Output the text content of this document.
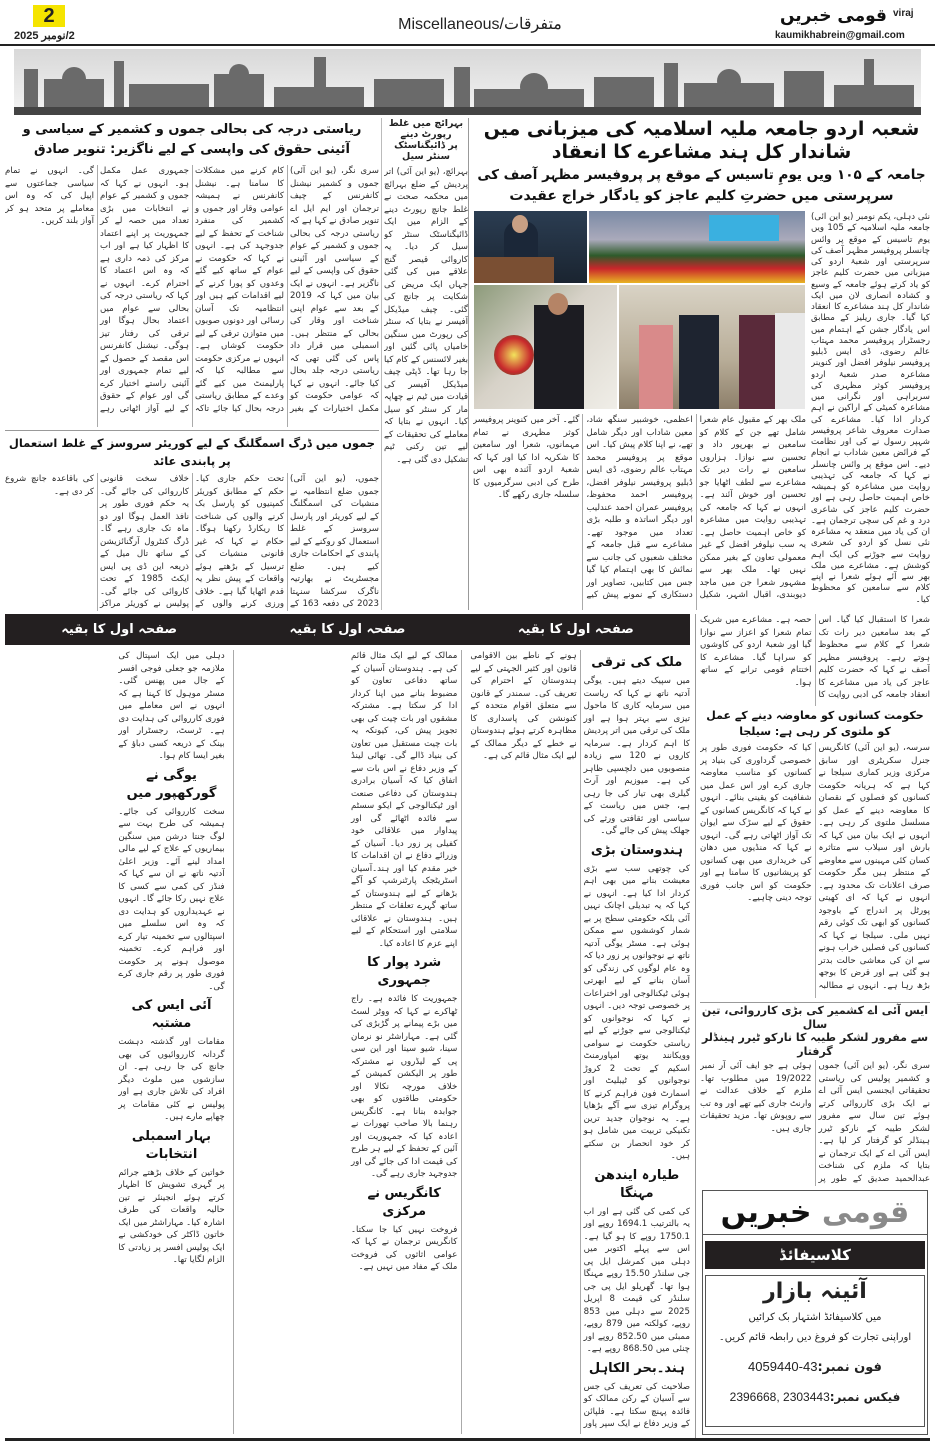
2
2/نومبر 2025
Miscellaneous/متفرقات	قومی خبریں viraj
kaumikhabrein@gmail.com
شعبہ اردو جامعہ ملیہ اسلامیہ کی میزبانی میں شاندار کل ہند مشاعرے کا انعقاد
جامعہ کے ۱۰۵ ویں یومِ تاسیس کے موقع پر پروفیسر مظہر آصف کی
سرپرستی میں حضرتِ کلیم عاجز کو یادگار خراج عقیدت
نئی دہلی، یکم نومبر (یو این آئی) جامعہ ملیہ اسلامیہ کے 105 ویں یوم تاسیس کے موقع پر وائس چانسلر پروفیسر مظہر آصف کی سرپرستی اور شعبۂ اردو کی میزبانی میں حضرت کلیم عاجز کو یاد کرتے ہوئے جامعہ کے وسیع و کشادہ انصاری لان میں ایک شاندار کل ہند مشاعرے کا انعقاد کیا گیا۔ جاری ریلیز کے مطابق اس یادگار جشن کے اہتمام میں رجسٹرار پروفیسر محمد مہتاب عالم رضوی، ڈی ایس ڈبلیو پروفیسر نیلوفر افضل اور کنوینر مشاعرہ صدر شعبۂ اردو پروفیسر کوثر مظہری کی سربراہی اور نگرانی میں مشاعرہ کمیٹی کے اراکین نے اہم کردار ادا کیا۔ مشاعرے کی صدارت معروف شاعر پروفیسر شہپر رسول نے کی اور نظامت کے فرائض معین شاداب نے انجام دیے۔ اس موقع پر وائس چانسلر نے کہا کہ جامعہ کی تہذیبی روایت میں مشاعرہ کو ہمیشہ خاص اہمیت حاصل رہی ہے اور حضرت کلیم عاجز کی شاعری درد و غم کی سچی ترجمان ہے۔ ان کی یاد میں منعقد یہ مشاعرہ نئی نسل کو اردو کی شعری روایت سے جوڑنے کی ایک اہم کوشش ہے۔ مشاعرے میں ملک بھر سے آئے ہوئے شعرا نے اپنے کلام سے سامعین کو محظوظ کیا۔
ملک بھر کے مقبول عام شعرا شامل تھے جن کے کلام کو سامعین نے بھرپور داد و تحسین سے نوازا۔ ہزاروں سامعین نے رات دیر تک مشاعرے سے لطف اٹھایا جو تحسین اور خوش آئند ہے۔ انہوں نے کہا کہ جامعہ کی تہذیبی روایت میں مشاعرہ کو خاص اہمیت حاصل ہے۔ یہ سب نیلوفر افضل کے غیر معمولی تعاون کے بغیر ممکن نہیں تھا۔ ملک بھر سے مشہور شعرا جن میں ماجد دیوبندی، اقبال اشہر، شکیل اعظمی، خوشبیر سنگھ شاد، معین شاداب اور دیگر شامل تھے، نے اپنا کلام پیش کیا۔ اس موقع پر پروفیسر محمد مہتاب عالم رضوی، ڈی ایس ڈبلیو پروفیسر نیلوفر افضل، پروفیسر احمد محفوظ، پروفیسر عمران احمد عندلیب اور دیگر اساتذہ و طلبہ بڑی تعداد میں موجود تھے۔ مشاعرے سے قبل جامعہ کے مختلف شعبوں کی جانب سے نمائش کا بھی اہتمام کیا گیا جس میں کتابیں، تصاویر اور دستکاری کے نمونے پیش کیے گئے۔ آخر میں کنوینر پروفیسر کوثر مظہری نے تمام مہمانوں، شعرا اور سامعین کا شکریہ ادا کیا اور کہا کہ شعبۂ اردو آئندہ بھی اس طرح کی ادبی سرگرمیوں کا سلسلہ جاری رکھے گا۔
شعرا کا استقبال کیا گیا۔ اس کے بعد سامعین دیر رات تک شعرا کے کلام سے محظوظ ہوتے رہے۔ پروفیسر مظہر آصف نے کہا کہ حضرت کلیم عاجز کی یاد میں مشاعرے کا انعقاد جامعہ کی ادبی روایت کا حصہ ہے۔ مشاعرے میں شریک تمام شعرا کو اعزاز سے نوازا گیا اور شعبۂ اردو کی کاوشوں کو سراہا گیا۔ مشاعرے کا اختتام قومی ترانے کے ساتھ ہوا۔
بہرائچ میں غلط رپورٹ دینے
پر ڈائیگناسٹک سنٹر سیل
بہرائچ، (یو این آئی) اتر پردیش کے ضلع بہرائچ میں محکمہ صحت نے غلط جانچ رپورٹ دینے کے الزام میں ایک ڈائیگناسٹک سنٹر کو سیل کر دیا۔ یہ کاروائی قیصر گنج علاقے میں کی گئی جہاں ایک مریض کی شکایت پر جانچ کی گئی۔ چیف میڈیکل آفیسر نے بتایا کہ سنٹر کی رپورٹ میں سنگین خامیاں پائی گئیں اور بغیر لائسنس کے کام کیا جا رہا تھا۔ ڈپٹی چیف میڈیکل آفیسر کی قیادت میں ٹیم نے چھاپہ مار کر سنٹر کو سیل کیا۔ انہوں نے بتایا کہ معاملے کی تحقیقات کے لیے تین رکنی ٹیم تشکیل دی گئی ہے۔
ریاستی درجہ کی بحالی جموں و کشمیر کے سیاسی و آئینی حقوق کی واپسی کے لیے ناگزیر: تنویر صادق
سری نگر، (یو این آئی) جموں و کشمیر نیشنل کانفرنس کے چیف ترجمان اور ایم ایل اے تنویر صادق نے کہا ہے کہ ریاستی درجہ کی بحالی جموں و کشمیر کے عوام کے سیاسی اور آئینی حقوق کی واپسی کے لیے ناگزیر ہے۔ انہوں نے ایک بیان میں کہا کہ 2019 کے بعد سے عوام اپنی شناخت اور وقار کی بحالی کے منتظر ہیں۔ اسمبلی میں قرار داد پاس کی گئی تھی کہ ریاستی درجہ جلد بحال کیا جائے۔ انہوں نے کہا کہ عوامی حکومت کو مکمل اختیارات کے بغیر کام کرنے میں مشکلات کا سامنا ہے۔ نیشنل کانفرنس نے ہمیشہ عوامی وقار اور جموں و کشمیر کی منفرد شناخت کے تحفظ کے لیے جدوجہد کی ہے۔ انہوں نے کہا کہ حکومت نے عوام کے ساتھ کیے گئے وعدوں کو پورا کرنے کے لیے اقدامات کیے ہیں اور انتظامیہ تک آسان رسائی اور دونوں صوبوں میں متوازن ترقی کے لیے حکومت کوشاں ہے۔ انہوں نے مرکزی حکومت سے مطالبہ کیا کہ پارلیمنٹ میں کیے گئے وعدے کے مطابق ریاستی درجہ بحال کیا جائے تاکہ جمہوری عمل مکمل ہو۔ انہوں نے کہا کہ جموں و کشمیر کے عوام نے انتخابات میں بڑی تعداد میں حصہ لے کر جمہوریت پر اپنے اعتماد کا اظہار کیا ہے اور اب مرکز کی ذمہ داری ہے کہ وہ اس اعتماد کا احترام کرے۔ انہوں نے کہا کہ ریاستی درجہ کی بحالی سے عوام میں اعتماد بحال ہوگا اور ترقی کی رفتار تیز ہوگی۔ نیشنل کانفرنس اس مقصد کے حصول کے لیے تمام جمہوری اور آئینی راستے اختیار کرے گی اور عوام کے حقوق کے لیے آواز اٹھاتی رہے گی۔ انہوں نے تمام سیاسی جماعتوں سے اپیل کی کہ وہ اس معاملے پر متحد ہو کر آواز بلند کریں۔
جموں میں ڈرگ اسمگلنگ کے لیے کوریئر سروسز کے غلط استعمال پر پابندی عائد
جموں، (یو این آئی) جموں ضلع انتظامیہ نے منشیات کی اسمگلنگ کے لیے کوریئر اور پارسل سروسز کے غلط استعمال کو روکنے کے لیے پابندی کے احکامات جاری کیے ہیں۔ ضلع مجسٹریٹ نے بھارتیہ ناگرک سرکشا سنہتا 2023 کی دفعہ 163 کے تحت حکم جاری کیا۔ حکم کے مطابق کوریئر کمپنیوں کو پارسل بک کرنے والوں کی شناخت کا ریکارڈ رکھنا ہوگا۔ حکام نے کہا کہ غیر قانونی منشیات کی ترسیل کے بڑھتے ہوئے واقعات کے پیش نظر یہ قدم اٹھایا گیا ہے۔ خلاف ورزی کرنے والوں کے خلاف سخت قانونی کارروائی کی جائے گی۔ یہ حکم فوری طور پر نافذ العمل ہوگا اور دو ماہ تک جاری رہے گا۔ ڈرگ کنٹرول آرگنائزیشن کے ساتھ تال میل کے ذریعہ این ڈی پی ایس ایکٹ 1985 کے تحت کاروائی کی جائے گی۔ پولیس نے کوریئر مراکز کی باقاعدہ جانچ شروع کر دی ہے۔
صفحہ اول کا بقیہ
صفحہ اول کا بقیہ
صفحہ اول کا بقیہ
ملک کی ترقی

میں سپیک دیتے ہیں۔ یوگی آدتیہ ناتھ نے کہا کہ ریاست میں سرمایہ کاری کا ماحول تیزی سے بہتر ہوا ہے اور ملک کی ترقی میں اتر پردیش کا اہم کردار ہے۔ سرمایہ کاروں نے 120 سے زیادہ منصوبوں میں دلچسپی ظاہر کی ہے۔ میوزیم اور آرٹ گیلری بھی تیار کی جا رہی ہے، جس میں ریاست کے سیاسی اور ثقافتی ورثے کی جھلک پیش کی جائے گی۔

ہندوستان بڑی

کی چوتھی سب سے بڑی معیشت بنانے میں بھی اہم کردار ادا کیا ہے۔ انہوں نے کہا کہ یہ تبدیلی اچانک نہیں آئی بلکہ حکومتی سطح پر بے شمار کوششوں سے ممکن ہوئی ہے۔ مسٹر یوگی آدتیہ ناتھ نے نوجوانوں پر زور دیا کہ وہ عام لوگوں کی زندگی کو آسان بنانے کے لیے ابھرتی ہوئی ٹیکنالوجی اور اختراعات پر خصوصی توجہ دیں۔ انہوں نے کہا کہ نوجوانوں کو ٹیکنالوجی سے جوڑنے کے لیے ریاستی حکومت نے سوامی وویکانند یوتھ امپاورمنٹ اسکیم کے تحت 2 کروڑ نوجوانوں کو ٹیبلیٹ اور اسمارٹ فون فراہم کرنے کا پروگرام تیزی سے آگے بڑھایا ہے۔ یہ نوجوان جدید ترین تکنیکی تربیت میں شامل ہو کر خود انحصار بن سکتے ہیں۔

طیارہ ایندھن مہنگا

کی کمی کی گئی ہے اور اب یہ بالترتیب 1694.1 روپے اور 1750.1 روپے کا ہو گیا ہے۔ اس سے پہلے اکتوبر میں دہلی میں کمرشل ایل پی جی سلنڈر 15.50 روپے مہنگا ہوا تھا۔ گھریلو ایل پی جی سلنڈر کی قیمت 8 اپریل 2025 سے دہلی میں 853 روپے، کولکتہ میں 879 روپے، ممبئی میں 852.50 روپے اور چنئی میں 868.50 روپے ہے۔

ہند۔بحر الکاہل

صلاحیت کی تعریف کی جس سے آسیان کے رکن ممالک کو فائدہ پہنچ سکتا ہے۔ فلپائن کے وزیر دفاع نے ایک سپر پاور ہونے کے ناطے بین الاقوامی قانون اور کثیر الجہتی کے لیے ہندوستان کے احترام کی تعریف کی۔ سمندر کے قانون سے متعلق اقوام متحدہ کے کنونشن کی پاسداری کا مظاہرہ کرتے ہوئے ہندوستان نے خطے کے دیگر ممالک کے لیے ایک مثال قائم کی ہے۔

ممالک کے لیے ایک مثال قائم کی ہے۔ ہندوستان آسیان کے ساتھ دفاعی تعاون کو مضبوط بنانے میں اپنا کردار ادا کر سکتا ہے۔ مشترکہ مشقوں اور بات چیت کی بھی تجویز پیش کی، کیونکہ یہ بات چیت مستقبل میں تعاون کی بنیاد ڈالے گی۔ تھائی لینڈ کے وزیر دفاع نے اس بات سے اتفاق کیا کہ آسیان برادری ہندوستان کی دفاعی صنعت اور ٹیکنالوجی کے ایکو سسٹم سے فائدہ اٹھائے گی اور پیداوار میں علاقائی خود کفیلی پر زور دیا۔ آسیان کے وزرائے دفاع نے ان اقدامات کا خیر مقدم کیا اور ہند۔آسیان اسٹریٹجک پارٹنرشپ کو آگے بڑھانے کے لیے ہندوستان کے ساتھ گہرے تعلقات کے منتظر ہیں۔ ہندوستان نے علاقائی سلامتی اور استحکام کے لیے اپنے عزم کا اعادہ کیا۔

شرد پوار کا جمہوری

جمہوریت کا فائدہ ہے۔ راج ٹھاکرے نے کہا کہ ووٹر لسٹ میں بڑے پیمانے پر گڑبڑی کی گئی ہے۔ مہاراشٹر نو نرمان سینا، شیو سینا اور این سی پی کے لیڈروں نے مشترکہ طور پر الیکشن کمیشن کے خلاف مورچہ نکالا اور حکومتی طاقتوں کو بھی جوابدہ بنانا ہے۔ کانگریس رہنما بالا صاحب تھورات نے اعادہ کیا کہ جمہوریت اور آئین کے تحفظ کے لیے ہر طرح کی قیمت ادا کی جائے گی اور جدوجہد جاری رہے گی۔

کانگریس نے مرکزی

فروخت نہیں کیا جا سکتا۔ کانگریس ترجمان نے کہا کہ عوامی اثاثوں کی فروخت ملک کے مفاد میں نہیں ہے۔

دہلی میں ایک اسپتال کی ملازمہ جو جعلی فوجی افسر کے جال میں پھنس گئی۔ مسٹر موہول کا کہنا ہے کہ انہوں نے اس معاملے میں فوری کارروائی کی ہدایت دی ہے۔ ٹرسٹ، رجسٹرار اور بینک کے ذریعہ کسی دباؤ کے بغیر ایسا کام ہوا۔

یوگی نے گورکھپور میں

سخت کارروائی کی جائے۔ ہمیشہ کی طرح بہت سے لوگ جنتا درشن میں سنگین بیماریوں کے علاج کے لیے مالی امداد لینے آئے۔ وزیر اعلیٰ آدتیہ ناتھ نے ان سے کہا کہ فنڈز کی کمی سے کسی کا علاج نہیں رکا جائے گا۔ انہوں نے عہدیداروں کو ہدایت دی کہ وہ اس سلسلے میں اسپتالوں سے تخمینہ تیار کرے اور فراہم کرے۔ تخمینہ موصول ہونے پر حکومت فوری طور پر رقم جاری کرے گی۔

آئی ایس کی مشتبہ

مقامات اور گذشتہ دہشت گردانہ کارروائیوں کی بھی جانچ کی جا رہی ہے۔ ان سازشوں میں ملوث دیگر افراد کی تلاش جاری ہے اور پولیس نے کئی مقامات پر چھاپے مارے ہیں۔

بہار اسمبلی انتخابات

خواتین کے خلاف بڑھتے جرائم پر گہری تشویش کا اظہار کرتے ہوئے انجینئر نے تین حالیہ واقعات کی طرف اشارہ کیا۔ مہاراشٹر میں ایک خاتون ڈاکٹر کی خودکشی نے ایک پولیس افسر پر زیادتی کا الزام لگایا تھا۔

حکومت کسانوں کو معاوضہ دینے کے عمل کو ملتوی کر رہی ہے: سیلجا
سرسہ، (یو این آئی) کانگریس جنرل سکریٹری اور سابق مرکزی وزیر کماری سیلجا نے کہا ہے کہ ہریانہ حکومت کسانوں کو فصلوں کے نقصان کا معاوضہ دینے کے عمل کو مسلسل ملتوی کر رہی ہے۔ انہوں نے ایک بیان میں کہا کہ بارش اور سیلاب سے متاثرہ کسان کئی مہینوں سے معاوضے کے منتظر ہیں مگر حکومت صرف اعلانات تک محدود ہے۔ انہوں نے کہا کہ ای کھیتی پورٹل پر اندراج کے باوجود کسانوں کو ابھی تک کوئی رقم نہیں ملی۔ سیلجا نے کہا کہ کسانوں کی فصلیں خراب ہونے سے ان کی معاشی حالت بدتر ہو گئی ہے اور قرض کا بوجھ بڑھ رہا ہے۔ انہوں نے مطالبہ کیا کہ حکومت فوری طور پر خصوصی گرداوری کی بنیاد پر کسانوں کو مناسب معاوضہ جاری کرے اور اس عمل میں شفافیت کو یقینی بنائے۔ انہوں نے کہا کہ کانگریس کسانوں کے حقوق کے لیے سڑک سے ایوان تک آواز اٹھاتی رہے گی۔ انہوں نے کہا کہ منڈیوں میں دھان کی خریداری میں بھی کسانوں کو پریشانیوں کا سامنا ہے اور حکومت کو اس جانب فوری توجہ دینی چاہیے۔
ایس آئی اے کشمیر کی بڑی کارروائی، تین سال
سے مفرور لشکر طیبہ کا نارکو ٹیرر ہینڈلر گرفتار
سری نگر، (یو این آئی) جموں و کشمیر پولیس کی ریاستی تحقیقاتی ایجنسی ایس آئی اے نے ایک بڑی کارروائی کرتے ہوئے تین سال سے مفرور لشکر طیبہ کے نارکو ٹیرر ہینڈلر کو گرفتار کر لیا ہے۔ ایس آئی اے کے ایک ترجمان نے بتایا کہ ملزم کی شناخت عبدالحمید صدیق کے طور پر ہوئی ہے جو ایف آئی آر نمبر 19/2022 میں مطلوب تھا۔ ملزم کے خلاف عدالت نے وارنٹ جاری کیے تھے اور وہ تب سے روپوش تھا۔ مزید تحقیقات جاری ہیں۔
قومی خبریں
کلاسیفائڈ
آئینہ بازار
میں کلاسیفائڈ اشتہار بک کرائیں
اوراپنی تجارت کو فروغ دیں رابطہ قائم کریں۔
فون نمبر:4059440-43
فیکس نمبر:2396668, 2303443
